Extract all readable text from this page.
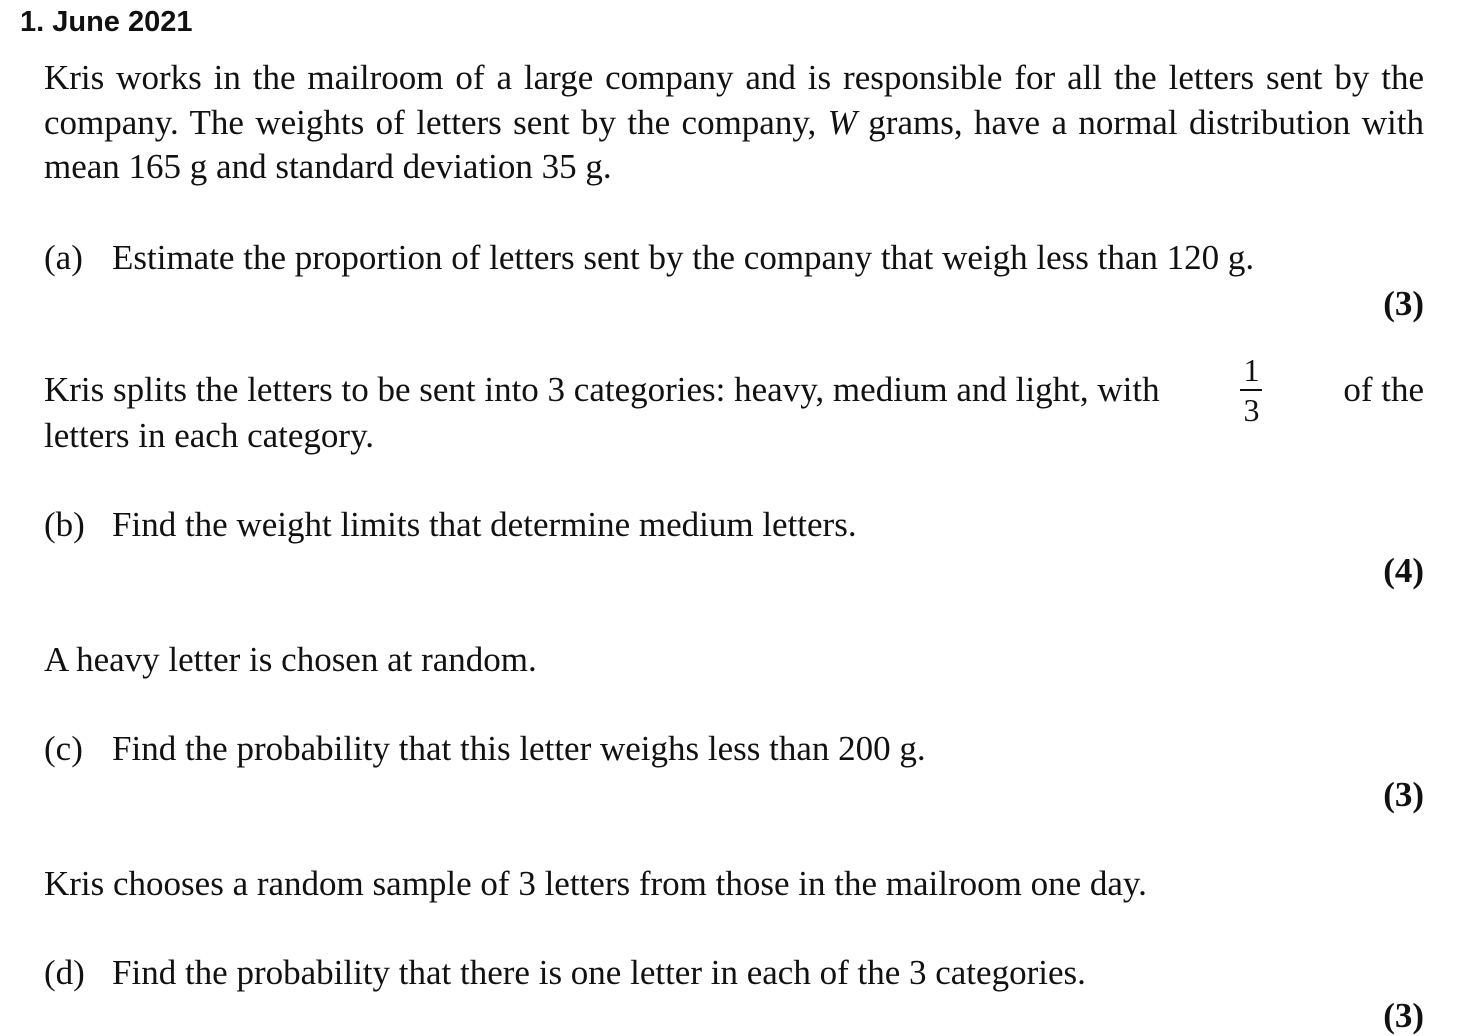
1. June 2021

Kris works in the mailroom of a large company and is responsible for all the letters sent by the company. The weights of letters sent by the company, W grams, have a normal distribution with mean 165 g and standard deviation 35 g.

(a) Estimate the proportion of letters sent by the company that weigh less than 120 g.
(3)
Kris splits the letters to be sent into 3 categories: heavy, medium and light, with	$\frac{1}{3}$ of the
letters in each category.
(b) Find the weight limits that determine medium letters.
(4)
A heavy letter is chosen at random.
(c) Find the probability that this letter weighs less than 200 g.
(3)
Kris chooses a random sample of 3 letters from those in the mailroom one day.
(d) Find the probability that there is one letter in each of the 3 categories.
(3)
